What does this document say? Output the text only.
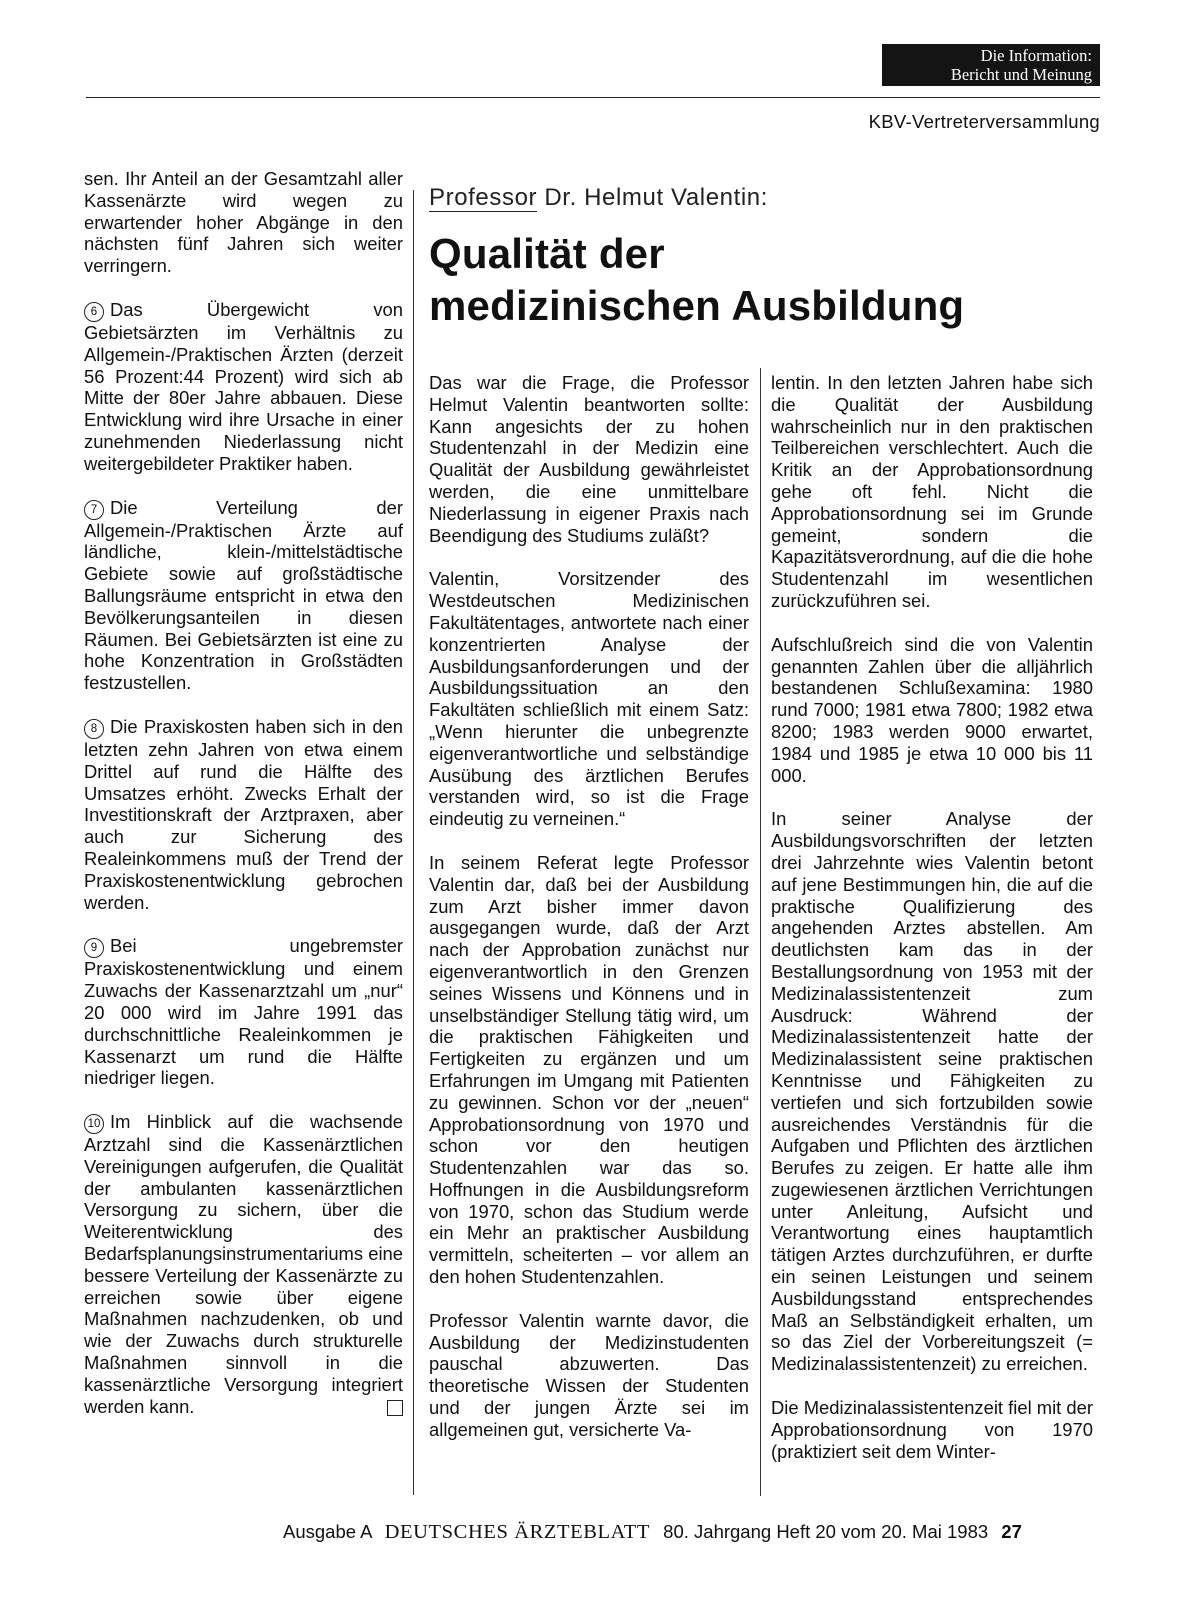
Die Information:
Bericht und Meinung
KBV-Vertreterversammlung

sen. Ihr Anteil an der Gesamtzahl aller Kassenärzte wird wegen zu erwartender hoher Abgänge in den nächsten fünf Jahren sich weiter verringern.

6 Das Übergewicht von Gebietsärzten im Verhältnis zu Allgemein-/Praktischen Ärzten (derzeit 56 Prozent:44 Prozent) wird sich ab Mitte der 80er Jahre abbauen. Diese Entwicklung wird ihre Ursache in einer zunehmenden Niederlassung nicht weitergebildeter Praktiker haben.

7 Die Verteilung der Allgemein-/Praktischen Ärzte auf ländliche, klein-/mittelstädtische Gebiete sowie auf großstädtische Ballungsräume entspricht in etwa den Bevölkerungsanteilen in diesen Räumen. Bei Gebietsärzten ist eine zu hohe Konzentration in Großstädten festzustellen.

8 Die Praxiskosten haben sich in den letzten zehn Jahren von etwa einem Drittel auf rund die Hälfte des Umsatzes erhöht. Zwecks Erhalt der Investitionskraft der Arztpraxen, aber auch zur Sicherung des Realeinkommens muß der Trend der Praxiskostenentwicklung gebrochen werden.

9 Bei ungebremster Praxiskostenentwicklung und einem Zuwachs der Kassenarztzahl um „nur“ 20 000 wird im Jahre 1991 das durchschnittliche Realeinkommen je Kassenarzt um rund die Hälfte niedriger liegen.

10 Im Hinblick auf die wachsende Arztzahl sind die Kassenärztlichen Vereinigungen aufgerufen, die Qualität der ambulanten kassenärztlichen Versorgung zu sichern, über die Weiterentwicklung des Bedarfsplanungsinstrumentariums eine bessere Verteilung der Kassenärzte zu erreichen sowie über eigene Maßnahmen nachzudenken, ob und wie der Zuwachs durch strukturelle Maßnahmen sinnvoll in die kassenärztliche Versorgung integriert werden kann.

Professor Dr. Helmut Valentin:
Qualität der
medizinischen Ausbildung

Das war die Frage, die Professor Helmut Valentin beantworten sollte: Kann angesichts der zu hohen Studentenzahl in der Medizin eine Qualität der Ausbildung gewährleistet werden, die eine unmittelbare Niederlassung in eigener Praxis nach Beendigung des Studiums zuläßt?

Valentin, Vorsitzender des Westdeutschen Medizinischen Fakultätentages, antwortete nach einer konzentrierten Analyse der Ausbildungsanforderungen und der Ausbildungssituation an den Fakultäten schließlich mit einem Satz: „Wenn hierunter die unbegrenzte eigenverantwortliche und selbständige Ausübung des ärztlichen Berufes verstanden wird, so ist die Frage eindeutig zu verneinen.“

In seinem Referat legte Professor Valentin dar, daß bei der Ausbildung zum Arzt bisher immer davon ausgegangen wurde, daß der Arzt nach der Approbation zunächst nur eigenverantwortlich in den Grenzen seines Wissens und Könnens und in unselbständiger Stellung tätig wird, um die praktischen Fähigkeiten und Fertigkeiten zu ergänzen und um Erfahrungen im Umgang mit Patienten zu gewinnen. Schon vor der „neuen“ Approbationsordnung von 1970 und schon vor den heutigen Studentenzahlen war das so. Hoffnungen in die Ausbildungsreform von 1970, schon das Studium werde ein Mehr an praktischer Ausbildung vermitteln, scheiterten – vor allem an den hohen Studentenzahlen.

Professor Valentin warnte davor, die Ausbildung der Medizinstudenten pauschal abzuwerten. Das theoretische Wissen der Studenten und der jungen Ärzte sei im allgemeinen gut, versicherte Va-

lentin. In den letzten Jahren habe sich die Qualität der Ausbildung wahrscheinlich nur in den praktischen Teilbereichen verschlechtert. Auch die Kritik an der Approbationsordnung gehe oft fehl. Nicht die Approbationsordnung sei im Grunde gemeint, sondern die Kapazitätsverordnung, auf die die hohe Studentenzahl im wesentlichen zurückzuführen sei.

Aufschlußreich sind die von Valentin genannten Zahlen über die alljährlich bestandenen Schlußexamina: 1980 rund 7000; 1981 etwa 7800; 1982 etwa 8200; 1983 werden 9000 erwartet, 1984 und 1985 je etwa 10 000 bis 11 000.

In seiner Analyse der Ausbildungsvorschriften der letzten drei Jahrzehnte wies Valentin betont auf jene Bestimmungen hin, die auf die praktische Qualifizierung des angehenden Arztes abstellen. Am deutlichsten kam das in der Bestallungsordnung von 1953 mit der Medizinalassistentenzeit zum Ausdruck: Während der Medizinalassistentenzeit hatte der Medizinalassistent seine praktischen Kenntnisse und Fähigkeiten zu vertiefen und sich fortzubilden sowie ausreichendes Verständnis für die Aufgaben und Pflichten des ärztlichen Berufes zu zeigen. Er hatte alle ihm zugewiesenen ärztlichen Verrichtungen unter Anleitung, Aufsicht und Verantwortung eines hauptamtlich tätigen Arztes durchzuführen, er durfte ein seinen Leistungen und seinem Ausbildungsstand entsprechendes Maß an Selbständigkeit erhalten, um so das Ziel der Vorbereitungszeit (= Medizinalassistentenzeit) zu erreichen.

Die Medizinalassistentenzeit fiel mit der Approbationsordnung von 1970 (praktiziert seit dem Winter-

Ausgabe A DEUTSCHES ÄRZTEBLATT 80. Jahrgang Heft 20 vom 20. Mai 1983 27
